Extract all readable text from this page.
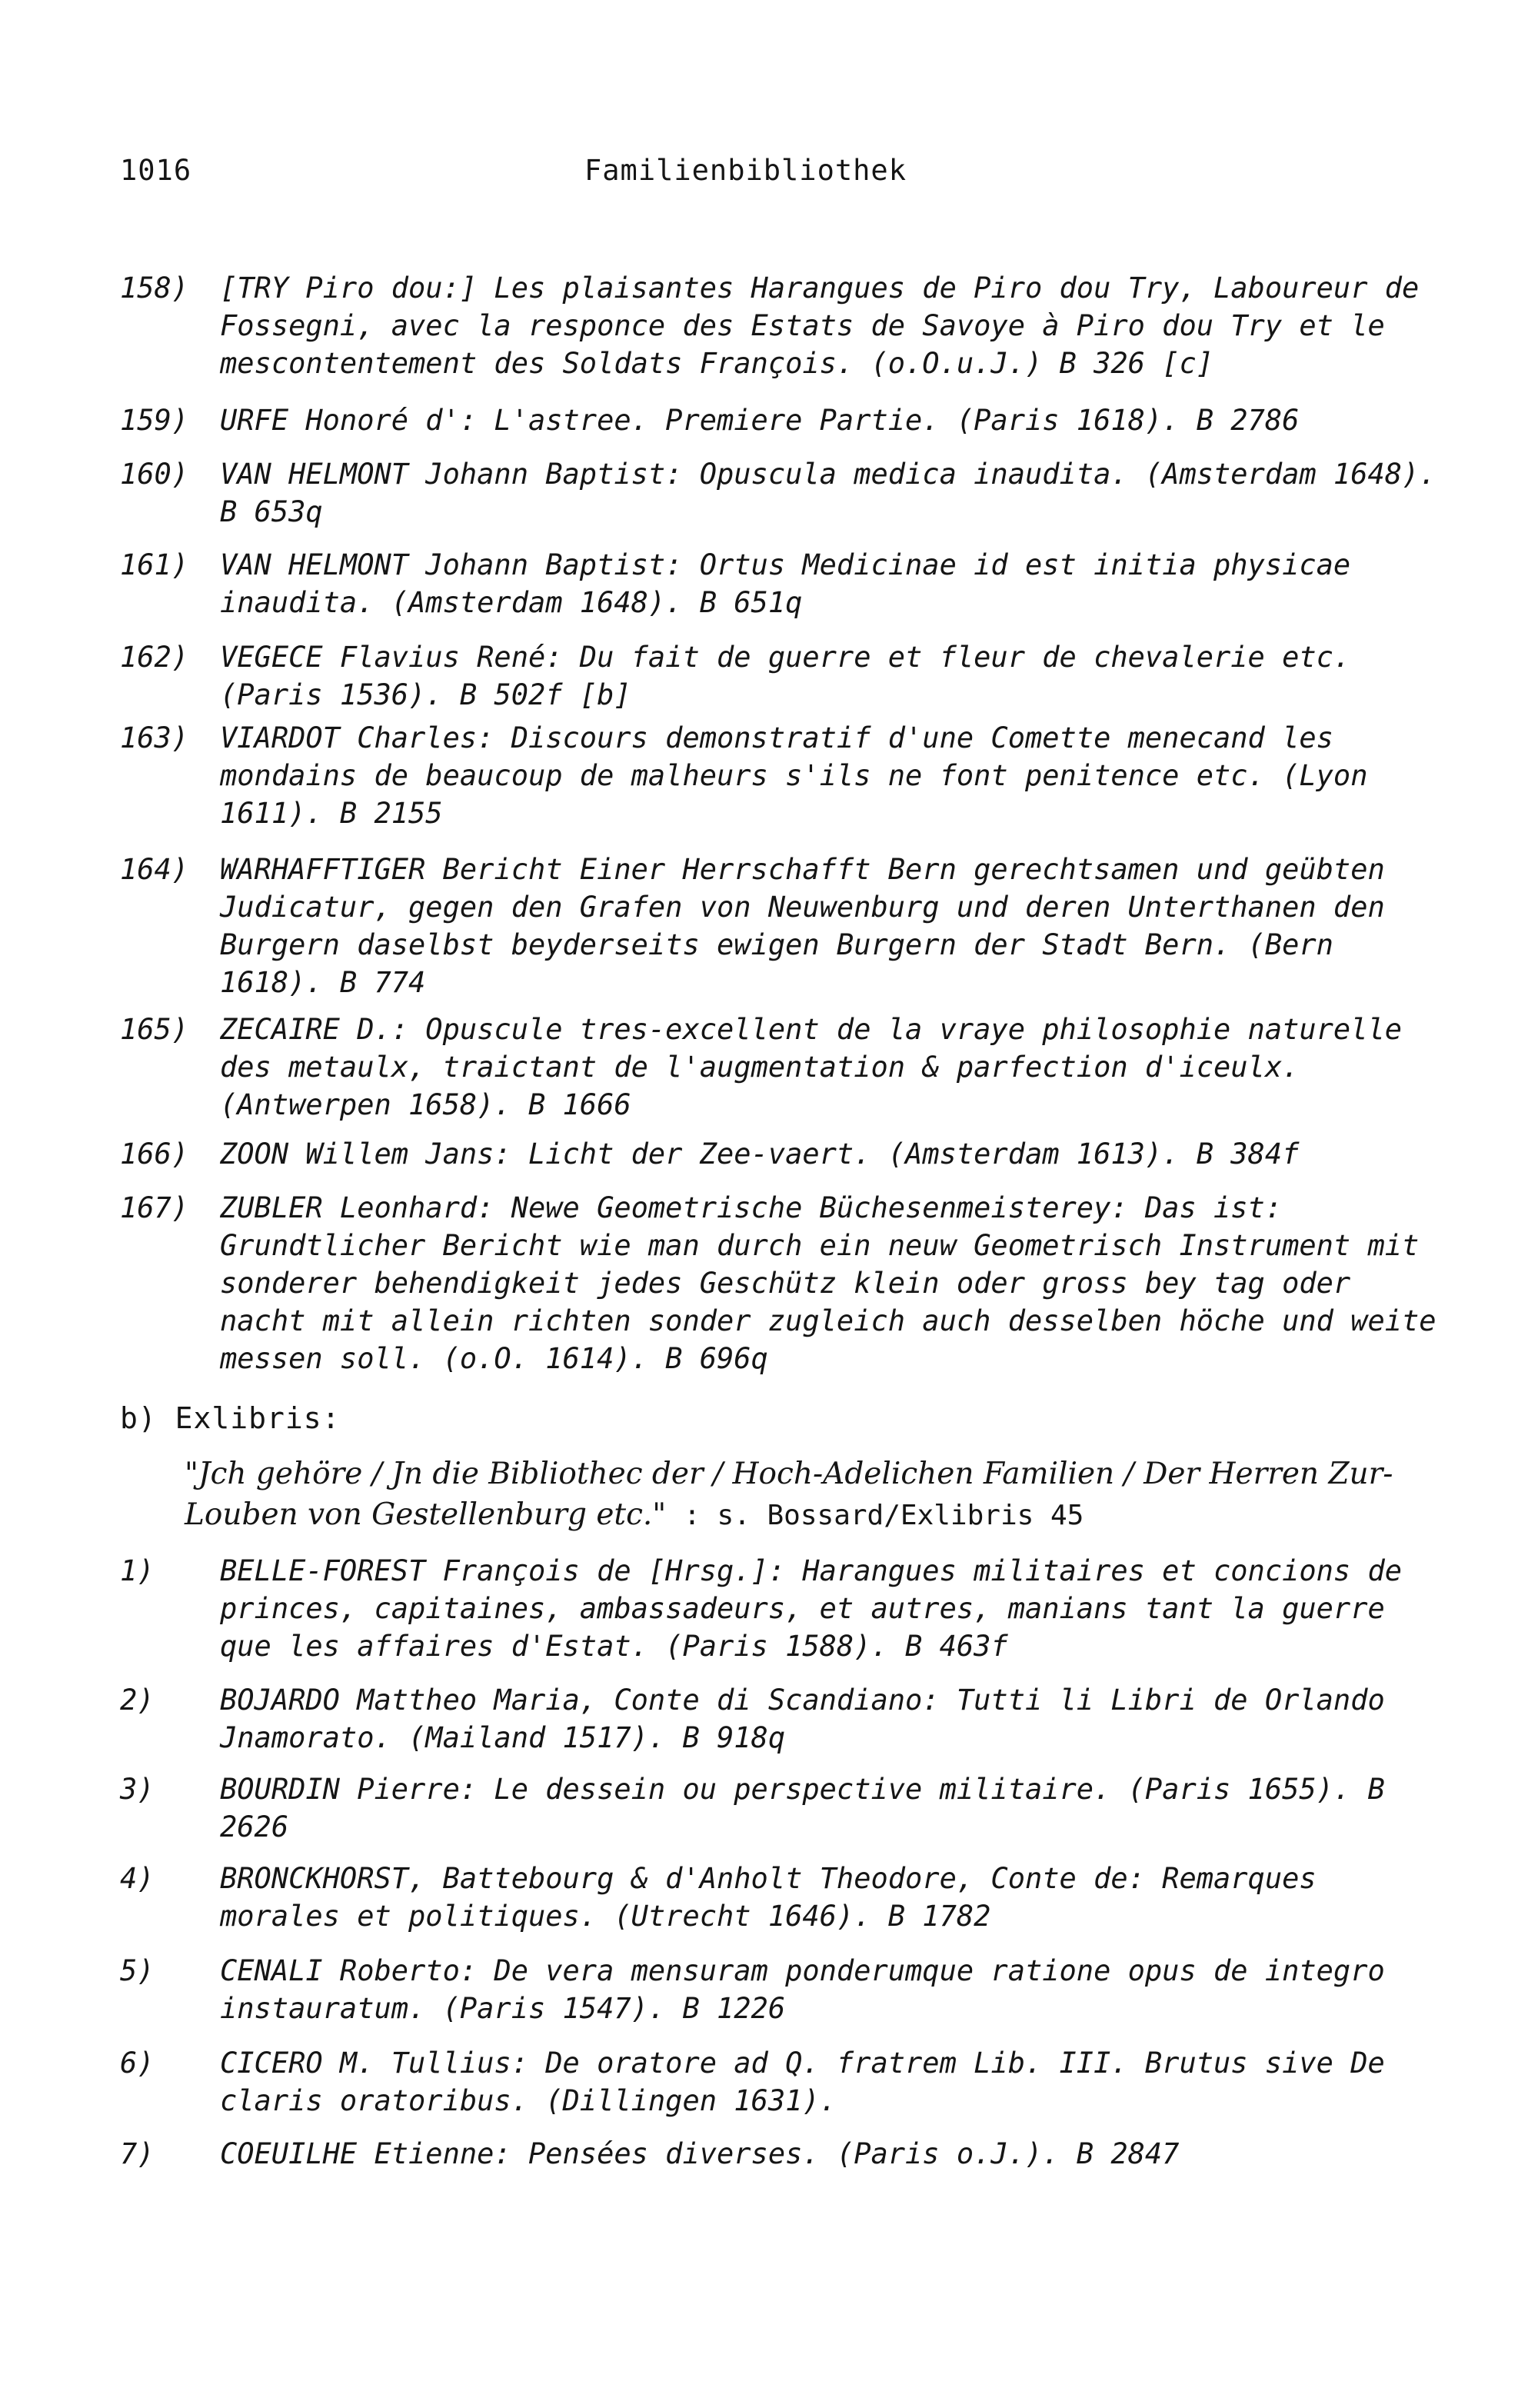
1016	Familienbibliothek
158)	[TRY Piro dou:] Les plaisantes Harangues de Piro dou Try, Laboureur de Fossegni, avec la responce des Estats de Savoye à Piro dou Try et le mescontentement des Soldats François. (o.O.u.J.) B 326 [c]
159)	URFE Honoré d': L'astree. Premiere Partie. (Paris 1618). B 2786
160)	VAN HELMONT Johann Baptist: Opuscula medica inaudita. (Amsterdam 1648). B 653q
161)	VAN HELMONT Johann Baptist: Ortus Medicinae id est initia physicae inaudita. (Amsterdam 1648). B 651q
162)	VEGECE Flavius René: Du fait de guerre et fleur de chevalerie etc. (Paris 1536). B 502f [b]
163)	VIARDOT Charles: Discours demonstratif d'une Comette menecand les mondains de beaucoup de malheurs s'ils ne font penitence etc. (Lyon 1611). B 2155
164)	WARHAFFTIGER Bericht Einer Herrschafft Bern gerechtsamen und geübten Judicatur, gegen den Grafen von Neuwenburg und deren Unterthanen den Burgern daselbst beyderseits ewigen Burgern der Stadt Bern. (Bern 1618). B 774
165)	ZECAIRE D.: Opuscule tres-excellent de la vraye philosophie naturelle des metaulx, traictant de l'augmentation & parfection d'iceulx. (Antwerpen 1658). B 1666
166)	ZOON Willem Jans: Licht der Zee-vaert. (Amsterdam 1613). B 384f
167)	ZUBLER Leonhard: Newe Geometrische Büchesenmeisterey: Das ist: Grundtlicher Bericht wie man durch ein neuw Geometrisch Instrument mit sonderer behendigkeit jedes Geschütz klein oder gross bey tag oder nacht mit allein richten sonder zugleich auch desselben höche und weite messen soll. (o.O. 1614). B 696q
b) Exlibris:
"Jch gehöre / Jn die Bibliothec der / Hoch-Adelichen Familien / Der Herren Zur-Louben von Gestellenburg etc." : s. Bossard/Exlibris 45
1)	BELLE-FOREST François de [Hrsg.]: Harangues militaires et concions de princes, capitaines, ambassadeurs, et autres, manians tant la guerre que les affaires d'Estat. (Paris 1588). B 463f
2)	BOJARDO Mattheo Maria, Conte di Scandiano: Tutti li Libri de Orlando Jnamorato. (Mailand 1517). B 918q
3)	BOURDIN Pierre: Le dessein ou perspective militaire. (Paris 1655). B 2626
4)	BRONCKHORST, Battebourg & d'Anholt Theodore, Conte de: Remarques morales et politiques. (Utrecht 1646). B 1782
5)	CENALI Roberto: De vera mensuram ponderumque ratione opus de integro instauratum. (Paris 1547). B 1226
6)	CICERO M. Tullius: De oratore ad Q. fratrem Lib. III. Brutus sive De claris oratoribus. (Dillingen 1631).
7)	COEUILHE Etienne: Pensées diverses. (Paris o.J.). B 2847
